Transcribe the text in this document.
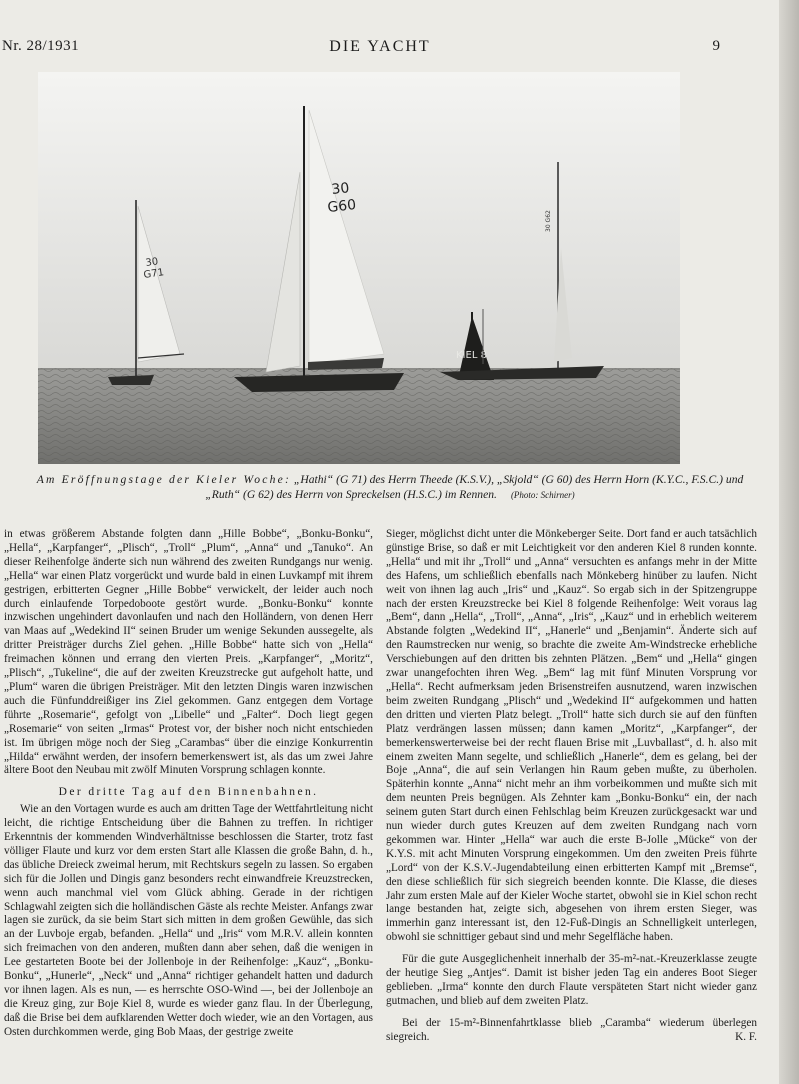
Nr. 28/1931	DIE YACHT	9
30
G71
30
G60
KIEL 8
30 G62
Am Eröffnungstage der Kieler Woche: „Hathi“ (G 71) des Herrn Theede (K.S.V.), „Skjold“ (G 60) des Herrn Horn (K.Y.C., F.S.C.) und „Ruth“ (G 62) des Herrn von Spreckelsen (H.S.C.) im Rennen. (Photo: Schirner)

in etwas größerem Abstande folgten dann „Hille Bobbe“, „Bonku-Bonku“, „Hella“, „Karpfanger“, „Plisch“, „Troll“ „Plum“, „Anna“ und „Tanuko“. An dieser Reihenfolge änderte sich nun während des zweiten Rundgangs nur wenig. „Hella“ war einen Platz vorgerückt und wurde bald in einen Luvkampf mit ihrem gestrigen, erbitterten Gegner „Hille Bobbe“ verwickelt, der leider auch noch durch einlaufende Torpedoboote gestört wurde. „Bonku-Bonku“ konnte inzwischen ungehindert davonlaufen und nach den Holländern, von denen Herr van Maas auf „Wedekind II“ seinen Bruder um wenige Sekunden aussegelte, als dritter Preisträger durchs Ziel gehen. „Hille Bobbe“ hatte sich von „Hella“ freimachen können und errang den vierten Preis. „Karpfanger“, „Moritz“, „Plisch“, „Tukeline“, die auf der zweiten Kreuzstrecke gut aufgeholt hatte, und „Plum“ waren die übrigen Preisträger. Mit den letzten Dingis waren inzwischen auch die Fünfunddreißiger ins Ziel gekommen. Ganz entgegen dem Vortage führte „Rosemarie“, gefolgt von „Libelle“ und „Falter“. Doch liegt gegen „Rosemarie“ von seiten „Irmas“ Protest vor, der bisher noch nicht entschieden ist. Im übrigen möge noch der Sieg „Carambas“ über die einzige Konkurrentin „Hilda“ erwähnt werden, der insofern bemerkenswert ist, als das um zwei Jahre ältere Boot den Neubau mit zwölf Minuten Vorsprung schlagen konnte.

Der dritte Tag auf den Binnenbahnen.

Wie an den Vortagen wurde es auch am dritten Tage der Wettfahrtleitung nicht leicht, die richtige Entscheidung über die Bahnen zu treffen. In richtiger Erkenntnis der kommenden Windverhältnisse beschlossen die Starter, trotz fast völliger Flaute und kurz vor dem ersten Start alle Klassen die große Bahn, d. h., das übliche Dreieck zweimal herum, mit Rechtskurs segeln zu lassen. So ergaben sich für die Jollen und Dingis ganz besonders recht einwandfreie Kreuzstrecken, wenn auch manchmal viel vom Glück abhing. Gerade in der richtigen Schlagwahl zeigten sich die holländischen Gäste als rechte Meister. Anfangs zwar lagen sie zurück, da sie beim Start sich mitten in dem großen Gewühle, das sich an der Luvboje ergab, befanden. „Hella“ und „Iris“ vom M.R.V. allein konnten sich freimachen von den anderen, mußten dann aber sehen, daß die wenigen in Lee gestarteten Boote bei der Jollenboje in der Reihenfolge: „Kauz“, „Bonku-Bonku“, „Hunerle“, „Neck“ und „Anna“ richtiger gehandelt hatten und dadurch vor ihnen lagen. Als es nun, — es herrschte OSO-Wind —, bei der Jollenboje an die Kreuz ging, zur Boje Kiel 8, wurde es wieder ganz flau. In der Überlegung, daß die Brise bei dem aufklarenden Wetter doch wieder, wie an den Vortagen, aus Osten durchkommen werde, ging Bob Maas, der gestrige zweite

Sieger, möglichst dicht unter die Mönkeberger Seite. Dort fand er auch tatsächlich günstige Brise, so daß er mit Leichtigkeit vor den anderen Kiel 8 runden konnte. „Hella“ und mit ihr „Troll“ und „Anna“ versuchten es anfangs mehr in der Mitte des Hafens, um schließlich ebenfalls nach Mönkeberg hinüber zu laufen. Nicht weit von ihnen lag auch „Iris“ und „Kauz“. So ergab sich in der Spitzengruppe nach der ersten Kreuzstrecke bei Kiel 8 folgende Reihenfolge: Weit voraus lag „Bem“, dann „Hella“, „Troll“, „Anna“, „Iris“, „Kauz“ und in erheblich weiterem Abstande folgten „Wedekind II“, „Hanerle“ und „Benjamin“. Änderte sich auf den Raumstrecken nur wenig, so brachte die zweite Am-Windstrecke erhebliche Verschiebungen auf den dritten bis zehnten Plätzen. „Bem“ und „Hella“ gingen zwar unangefochten ihren Weg. „Bem“ lag mit fünf Minuten Vorsprung vor „Hella“. Recht aufmerksam jeden Brisenstreifen ausnutzend, waren inzwischen beim zweiten Rundgang „Plisch“ und „Wedekind II“ aufgekommen und hatten den dritten und vierten Platz belegt. „Troll“ hatte sich durch sie auf den fünften Platz verdrängen lassen müssen; dann kamen „Moritz“, „Karpfanger“, der bemerkenswerterweise bei der recht flauen Brise mit „Luvballast“, d. h. also mit einem zweiten Mann segelte, und schließlich „Hanerle“, dem es gelang, bei der Boje „Anna“, die auf sein Verlangen hin Raum geben mußte, zu überholen. Späterhin konnte „Anna“ nicht mehr an ihm vorbeikommen und mußte sich mit dem neunten Preis begnügen. Als Zehnter kam „Bonku-Bonku“ ein, der nach seinem guten Start durch einen Fehlschlag beim Kreuzen zurückgesackt war und nun wieder durch gutes Kreuzen auf dem zweiten Rundgang nach vorn gekommen war. Hinter „Hella“ war auch die erste B-Jolle „Mücke“ von der K.Y.S. mit acht Minuten Vorsprung eingekommen. Um den zweiten Preis führte „Lord“ von der K.S.V.-Jugendabteilung einen erbitterten Kampf mit „Bremse“, den diese schließlich für sich siegreich beenden konnte. Die Klasse, die dieses Jahr zum ersten Male auf der Kieler Woche startet, obwohl sie in Kiel schon recht lange bestanden hat, zeigte sich, abgesehen von ihrem ersten Sieger, was immerhin ganz interessant ist, den 12-Fuß-Dingis an Schnelligkeit unterlegen, obwohl sie schnittiger gebaut sind und mehr Segelfläche haben.

Für die gute Ausgeglichenheit innerhalb der 35-m²-nat.-Kreuzerklasse zeugte der heutige Sieg „Antjes“. Damit ist bisher jeden Tag ein anderes Boot Sieger geblieben. „Irma“ konnte den durch Flaute verspäteten Start nicht wieder ganz gutmachen, und blieb auf dem zweiten Platz.

Bei der 15-m²-Binnenfahrtklasse blieb „Caramba“ wiederum überlegen siegreich.	K. F.
